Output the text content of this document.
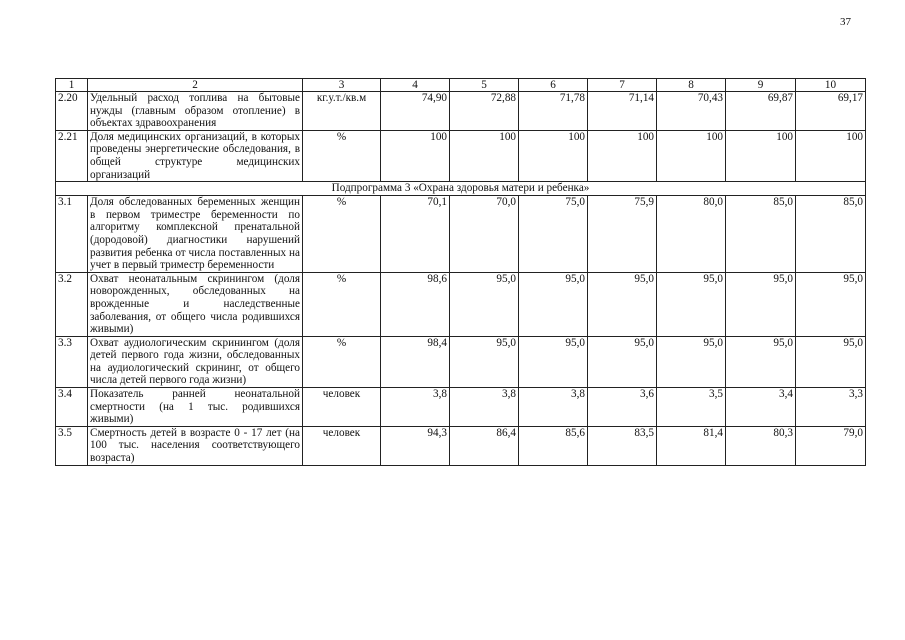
37
1	2	3	4	5	6	7	8	9	10
2.20	Удельный расход топлива на бытовые нужды (главным образом отопление) в объектах здравоохранения	кг.у.т./кв.м	74,90	72,88	71,78	71,14	70,43	69,87	69,17
2.21	Доля медицинских организаций, в которых проведены энергетические обследования, в общей структуре медицинских организаций	%	100	100	100	100	100	100	100
Подпрограмма 3 «Охрана здоровья матери и ребенка»									
3.1	Доля обследованных беременных женщин в первом триместре беременности по алгоритму комплексной пренатальной (дородовой) диагностики нарушений развития ребенка от числа поставленных на учет в первый триместр беременности	%	70,1	70,0	75,0	75,9	80,0	85,0	85,0
3.2	Охват неонатальным скринингом (доля новорожденных, обследованных на врожденные и наследственные заболевания, от общего числа родившихся живыми)	%	98,6	95,0	95,0	95,0	95,0	95,0	95,0
3.3	Охват аудиологическим скринингом (доля детей первого года жизни, обследованных на аудиологический скрининг, от общего числа детей первого года жизни)	%	98,4	95,0	95,0	95,0	95,0	95,0	95,0
3.4	Показатель ранней неонатальной смертности (на 1 тыс. родившихся живыми)	человек	3,8	3,8	3,8	3,6	3,5	3,4	3,3
3.5	Смертность детей в возрасте 0 - 17 лет (на 100 тыс. населения соответствующего возраста)	человек	94,3	86,4	85,6	83,5	81,4	80,3	79,0
